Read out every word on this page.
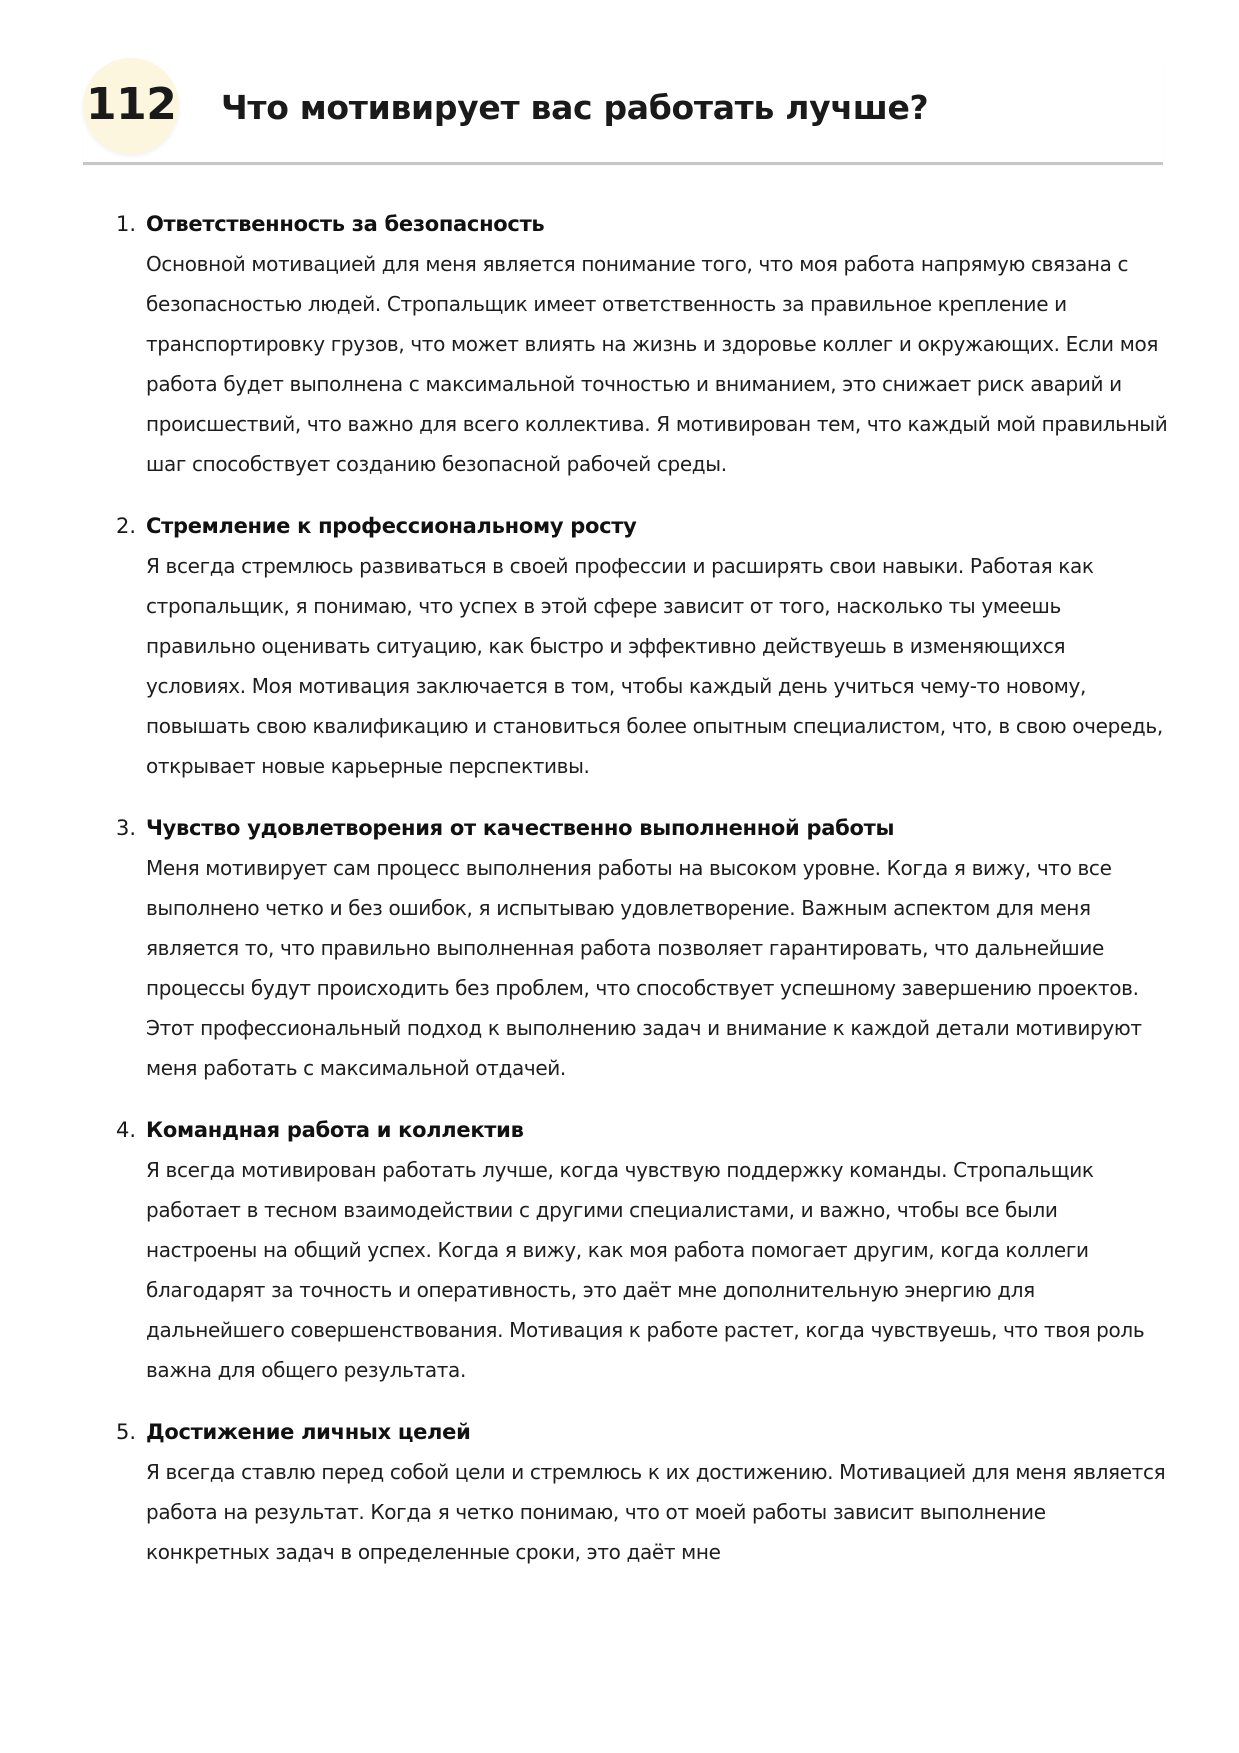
112 Что мотивирует вас работать лучше?
1. Ответственность за безопасность

Основной мотивацией для меня является понимание того, что моя работа напрямую связана с безопасностью людей. Стропальщик имеет ответственность за правильное крепление и транспортировку грузов, что может влиять на жизнь и здоровье коллег и окружающих. Если моя работа будет выполнена с максимальной точностью и вниманием, это снижает риск аварий и происшествий, что важно для всего коллектива. Я мотивирован тем, что каждый мой правильный шаг способствует созданию безопасной рабочей среды.

2. Стремление к профессиональному росту

Я всегда стремлюсь развиваться в своей профессии и расширять свои навыки. Работая как стропальщик, я понимаю, что успех в этой сфере зависит от того, насколько ты умеешь правильно оценивать ситуацию, как быстро и эффективно действуешь в изменяющихся условиях. Моя мотивация заключается в том, чтобы каждый день учиться чему-то новому, повышать свою квалификацию и становиться более опытным специалистом, что, в свою очередь, открывает новые карьерные перспективы.

3. Чувство удовлетворения от качественно выполненной работы

Меня мотивирует сам процесс выполнения работы на высоком уровне. Когда я вижу, что все выполнено четко и без ошибок, я испытываю удовлетворение. Важным аспектом для меня является то, что правильно выполненная работа позволяет гарантировать, что дальнейшие процессы будут происходить без проблем, что способствует успешному завершению проектов. Этот профессиональный подход к выполнению задач и внимание к каждой детали мотивируют меня работать с максимальной отдачей.

4. Командная работа и коллектив

Я всегда мотивирован работать лучше, когда чувствую поддержку команды. Стропальщик работает в тесном взаимодействии с другими специалистами, и важно, чтобы все были настроены на общий успех. Когда я вижу, как моя работа помогает другим, когда коллеги благодарят за точность и оперативность, это даёт мне дополнительную энергию для дальнейшего совершенствования. Мотивация к работе растет, когда чувствуешь, что твоя роль важна для общего результата.

5. Достижение личных целей

Я всегда ставлю перед собой цели и стремлюсь к их достижению. Мотивацией для меня является работа на результат. Когда я четко понимаю, что от моей работы зависит выполнение конкретных задач в определенные сроки, это даёт мне
